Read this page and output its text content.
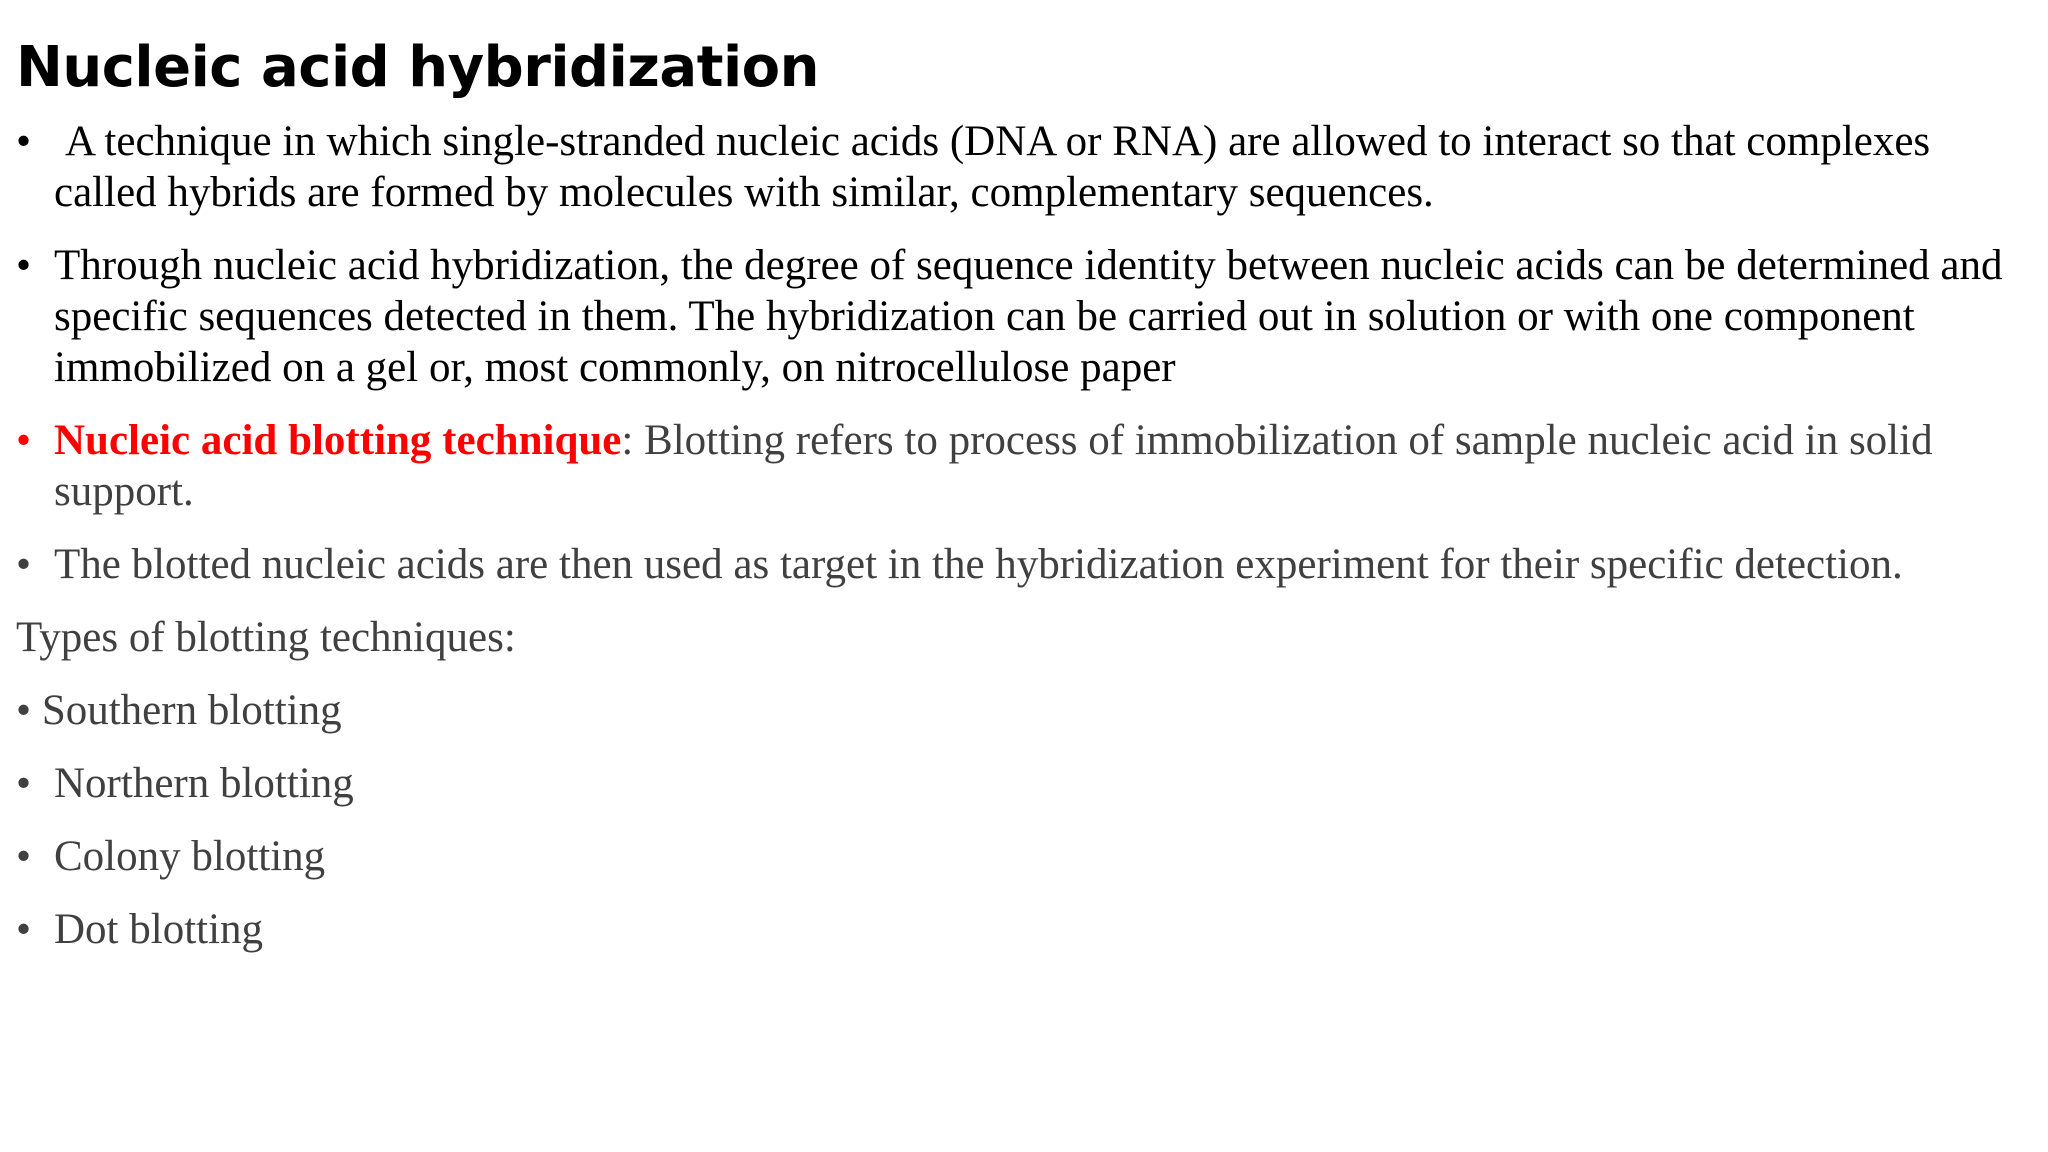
Nucleic acid hybridization
• A technique in which single-stranded nucleic acids (DNA or RNA) are allowed to interact so that complexes called hybrids are formed by molecules with similar, complementary sequences.
• Through nucleic acid hybridization, the degree of sequence identity between nucleic acids can be determined and specific sequences detected in them. The hybridization can be carried out in solution or with one component immobilized on a gel or, most commonly, on nitrocellulose paper
• Nucleic acid blotting technique: Blotting refers to process of immobilization of sample nucleic acid in solid support.
• The blotted nucleic acids are then used as target in the hybridization experiment for their specific detection.
Types of blotting techniques:
• Southern blotting
• Northern blotting
• Colony blotting
• Dot blotting
